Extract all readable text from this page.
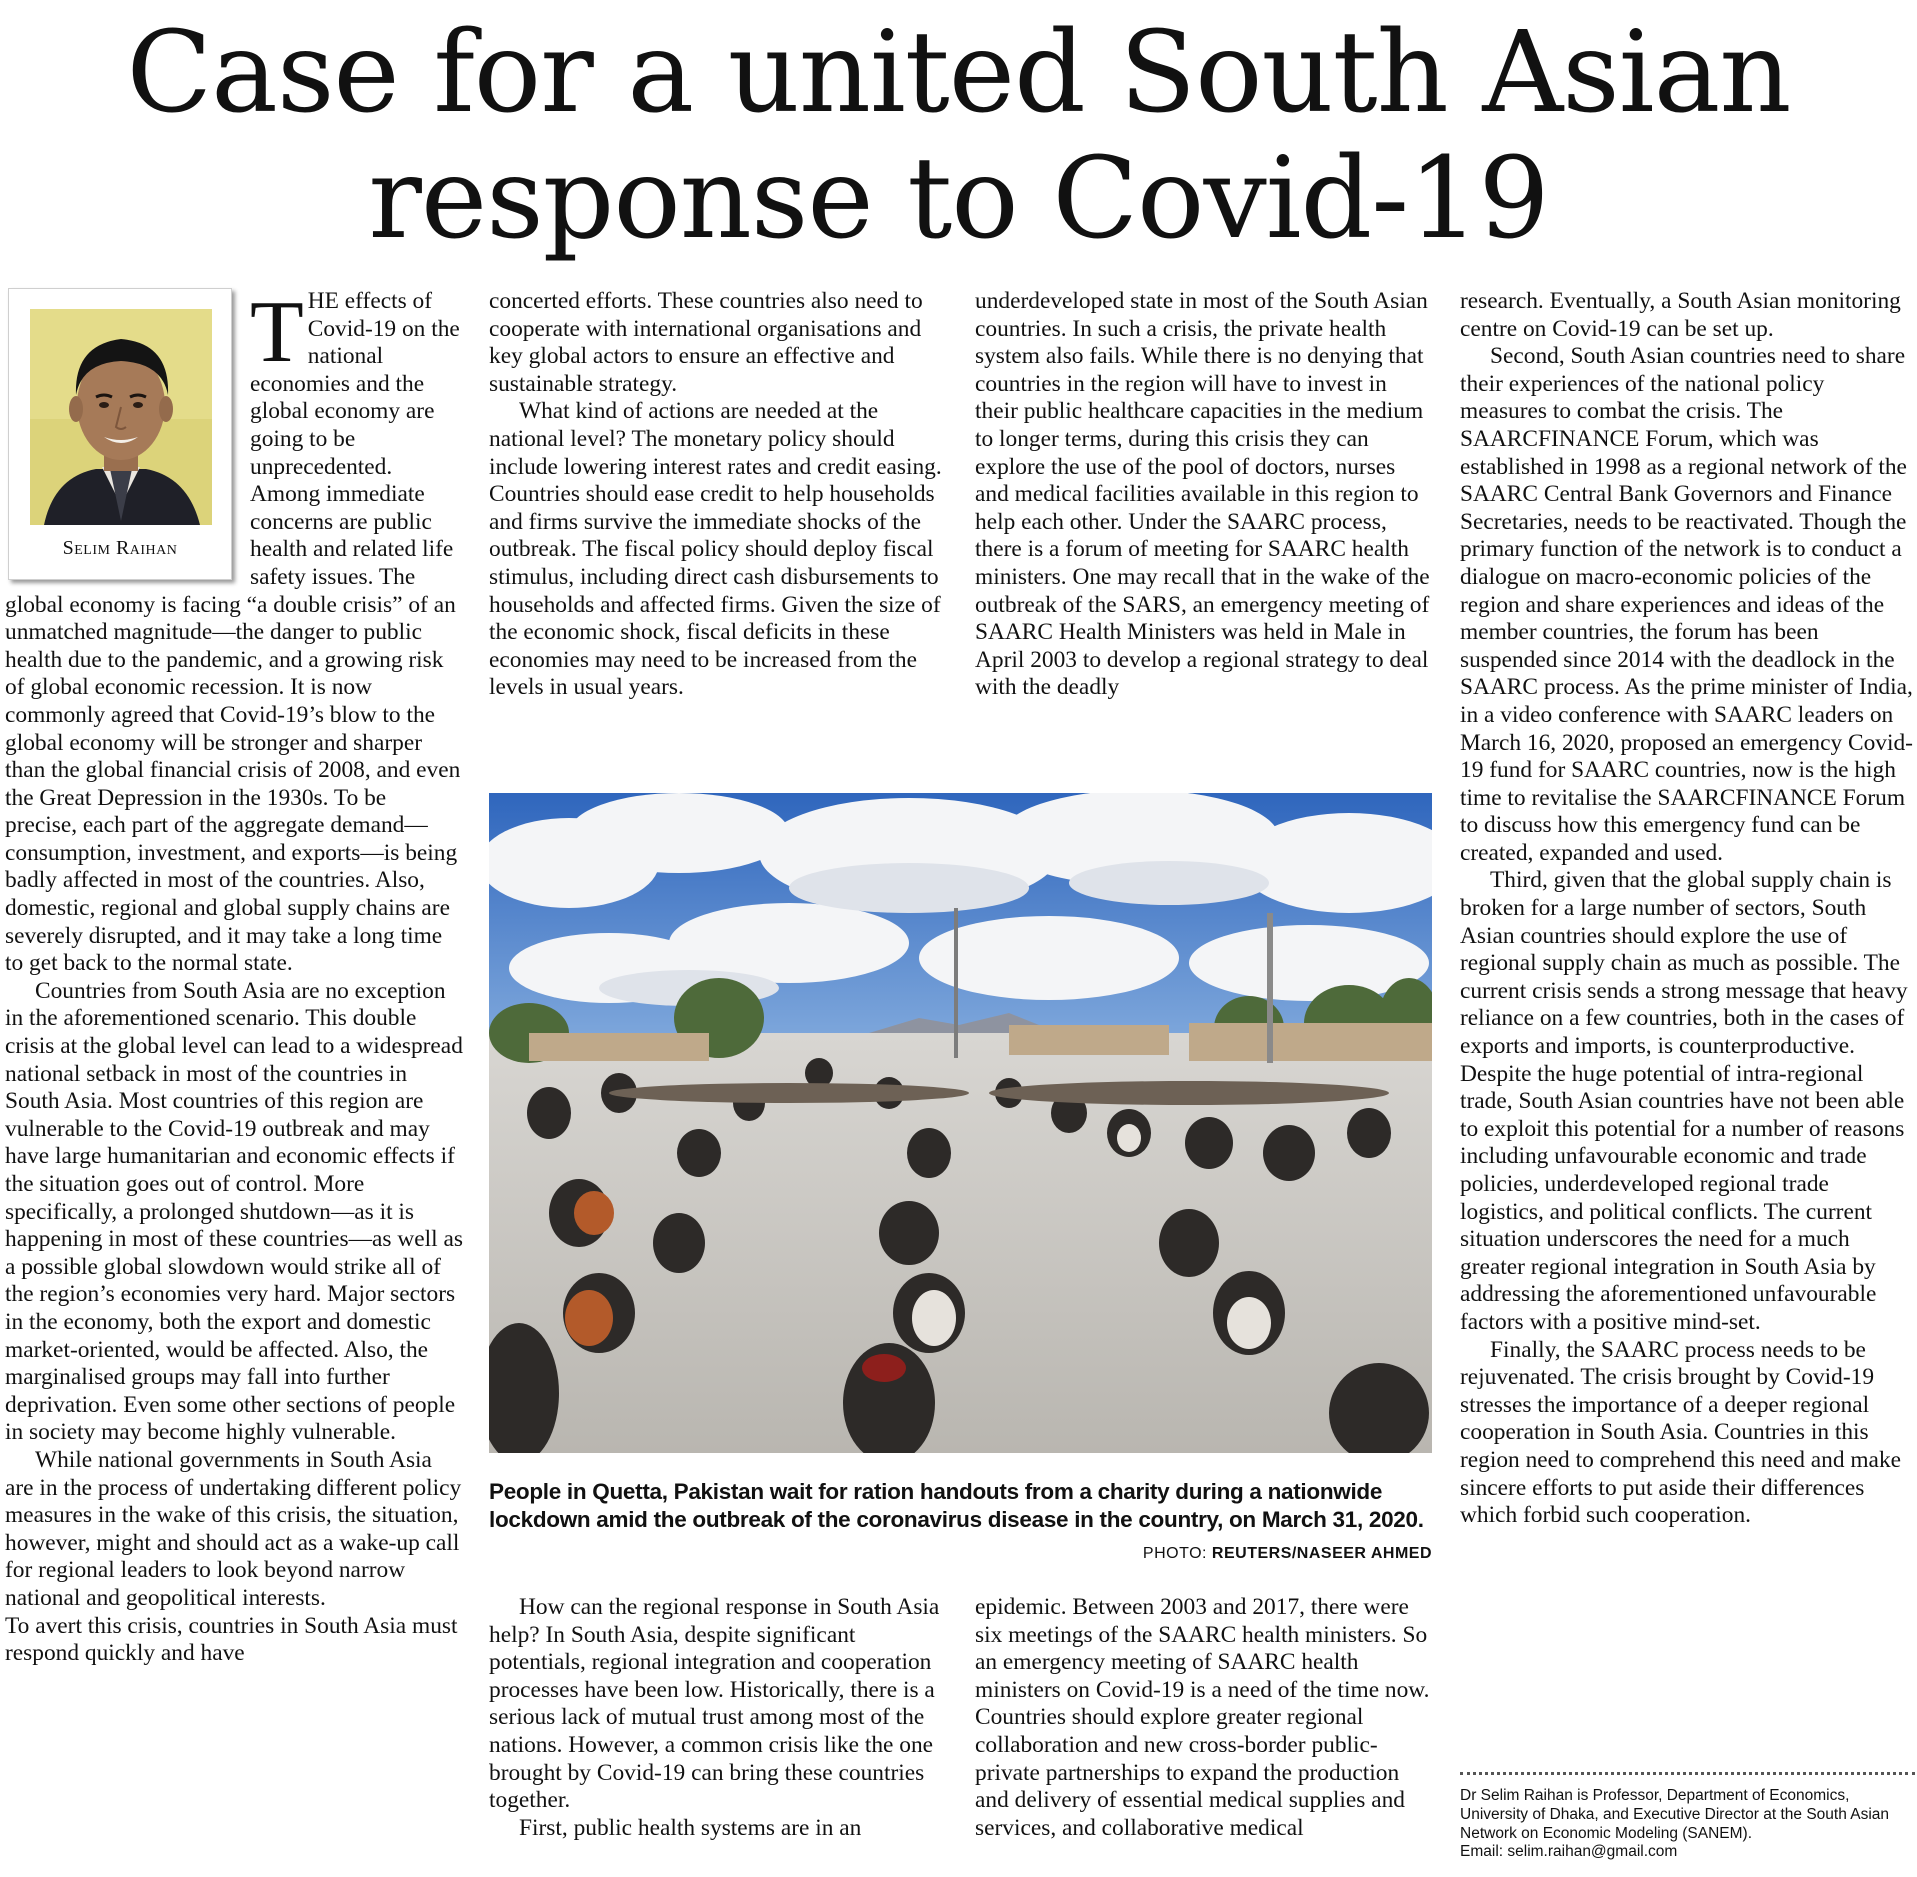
Case for a united South Asian
response to Covid-19
Selim Raihan

THE effects of Covid-19 on the national economies and the global economy are going to be unprecedented. Among immediate concerns are public health and related life safety issues. The global economy is facing “a double crisis” of an unmatched magnitude—the danger to public health due to the pandemic, and a growing risk of global economic recession. It is now commonly agreed that Covid-19’s blow to the global economy will be stronger and sharper than the global financial crisis of 2008, and even the Great Depression in the 1930s. To be precise, each part of the aggregate demand—consumption, investment, and exports—is being badly affected in most of the countries. Also, domestic, regional and global supply chains are severely disrupted, and it may take a long time to get back to the normal state.

Countries from South Asia are no exception in the aforementioned scenario. This double crisis at the global level can lead to a widespread national setback in most of the countries in South Asia. Most countries of this region are vulnerable to the Covid-19 outbreak and may have large humanitarian and economic effects if the situation goes out of control. More specifically, a prolonged shutdown—as it is happening in most of these countries—as well as a possible global slowdown would strike all of the region’s economies very hard. Major sectors in the economy, both the export and domestic market-oriented, would be affected. Also, the marginalised groups may fall into further deprivation. Even some other sections of people in society may become highly vulnerable.

While national governments in South Asia are in the process of undertaking different policy measures in the wake of this crisis, the situation, however, might and should act as a wake-up call for regional leaders to look beyond narrow national and geopolitical interests.

To avert this crisis, countries in South Asia must respond quickly and have

concerted efforts. These countries also need to cooperate with international organisations and key global actors to ensure an effective and sustainable strategy.

What kind of actions are needed at the national level? The monetary policy should include lowering interest rates and credit easing. Countries should ease credit to help households and firms survive the immediate shocks of the outbreak. The fiscal policy should deploy fiscal stimulus, including direct cash disbursements to households and affected firms. Given the size of the economic shock, fiscal deficits in these economies may need to be increased from the levels in usual years.

underdeveloped state in most of the South Asian countries. In such a crisis, the private health system also fails. While there is no denying that countries in the region will have to invest in their public healthcare capacities in the medium to longer terms, during this crisis they can explore the use of the pool of doctors, nurses and medical facilities available in this region to help each other. Under the SAARC process, there is a forum of meeting for SAARC health ministers. One may recall that in the wake of the outbreak of the SARS, an emergency meeting of SAARC Health Ministers was held in Male in April 2003 to develop a regional strategy to deal with the deadly

research. Eventually, a South Asian monitoring centre on Covid-19 can be set up.

Second, South Asian countries need to share their experiences of the national policy measures to combat the crisis. The SAARCFINANCE Forum, which was established in 1998 as a regional network of the SAARC Central Bank Governors and Finance Secretaries, needs to be reactivated. Though the primary function of the network is to conduct a dialogue on macro-economic policies of the region and share experiences and ideas of the member countries, the forum has been suspended since 2014 with the deadlock in the SAARC process. As the prime minister of India, in a video conference with SAARC leaders on March 16, 2020, proposed an emergency Covid-19 fund for SAARC countries, now is the high time to revitalise the SAARCFINANCE Forum to discuss how this emergency fund can be created, expanded and used.

Third, given that the global supply chain is broken for a large number of sectors, South Asian countries should explore the use of regional supply chain as much as possible. The current crisis sends a strong message that heavy reliance on a few countries, both in the cases of exports and imports, is counterproductive. Despite the huge potential of intra-regional trade, South Asian countries have not been able to exploit this potential for a number of reasons including unfavourable economic and trade policies, underdeveloped regional trade logistics, and political conflicts. The current situation underscores the need for a much greater regional integration in South Asia by addressing the aforementioned unfavourable factors with a positive mind-set.

Finally, the SAARC process needs to be rejuvenated. The crisis brought by Covid-19 stresses the importance of a deeper regional cooperation in South Asia. Countries in this region need to comprehend this need and make sincere efforts to put aside their differences which forbid such cooperation.

People in Quetta, Pakistan wait for ration handouts from a charity during a nationwide lockdown amid the outbreak of the coronavirus disease in the country, on March 31, 2020.
PHOTO: REUTERS/NASEER AHMED

How can the regional response in South Asia help? In South Asia, despite significant potentials, regional integration and cooperation processes have been low. Historically, there is a serious lack of mutual trust among most of the nations. However, a common crisis like the one brought by Covid-19 can bring these countries together.

First, public health systems are in an

epidemic. Between 2003 and 2017, there were six meetings of the SAARC health ministers. So an emergency meeting of SAARC health ministers on Covid-19 is a need of the time now. Countries should explore greater regional collaboration and new cross-border public-private partnerships to expand the production and delivery of essential medical supplies and services, and collaborative medical

Dr Selim Raihan is Professor, Department of Economics, University of Dhaka, and Executive Director at the South Asian Network on Economic Modeling (SANEM).
Email: selim.raihan@gmail.com
